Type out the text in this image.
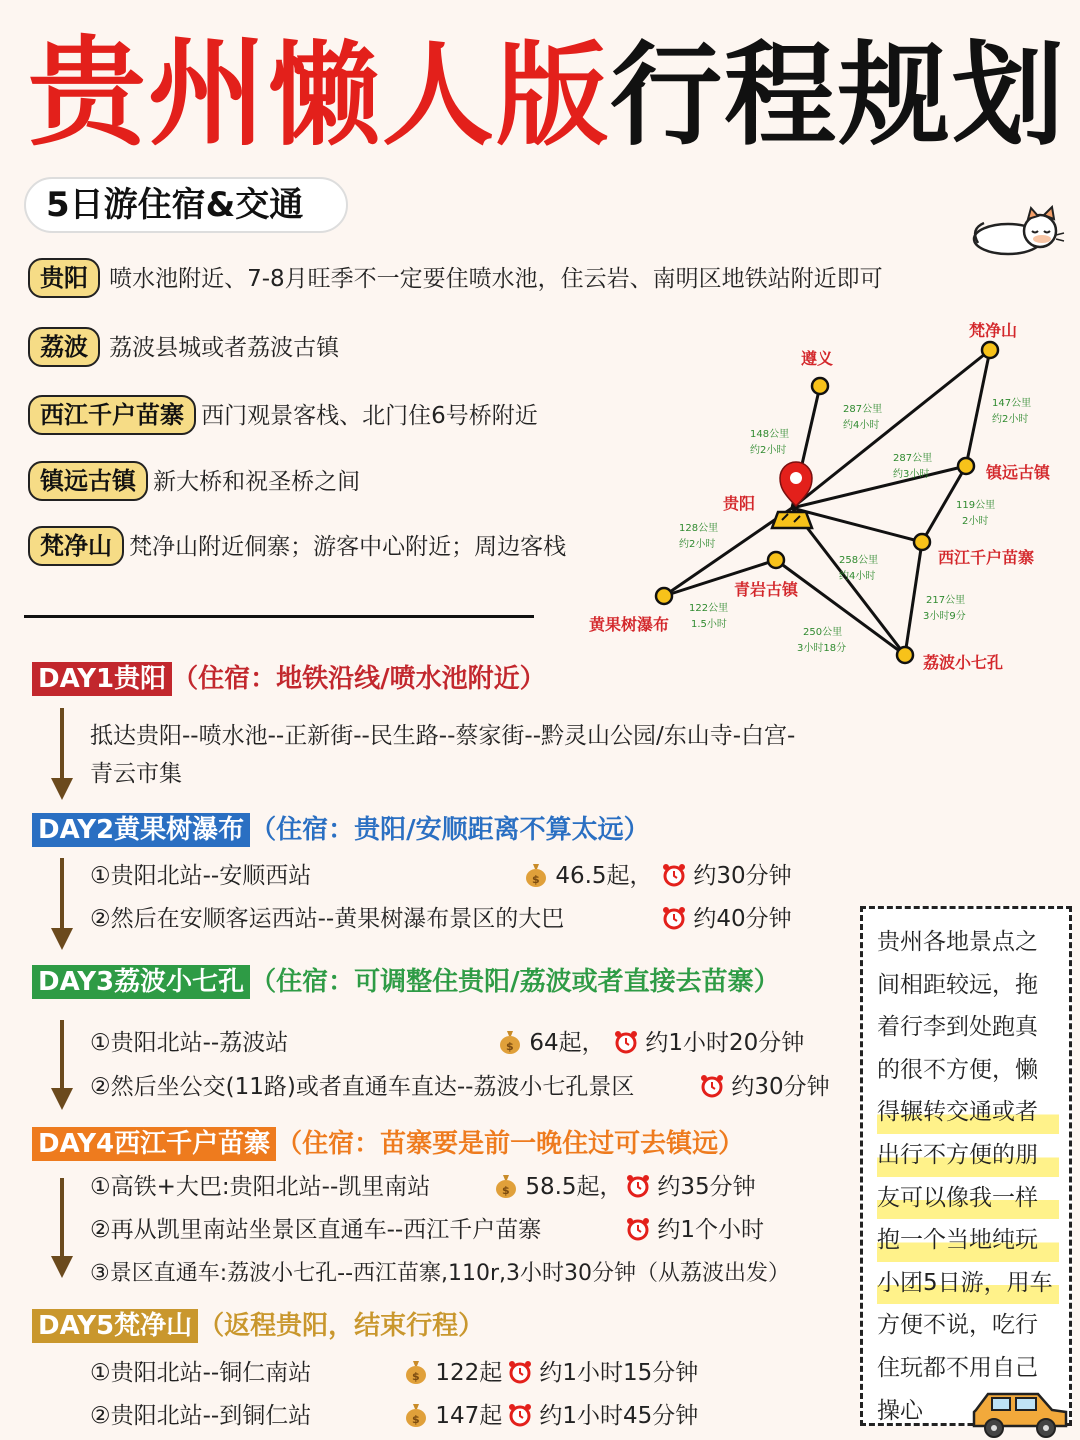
贵州懒人版行程规划
5日游住宿&交通
贵阳 喷水池附近、7-8月旺季不一定要住喷水池，住云岩、南明区地铁站附近即可
荔波 荔波县城或者荔波古镇
西江千户苗寨 西门观景客栈、北门住6号桥附近
镇远古镇 新大桥和祝圣桥之间
梵净山 梵净山附近侗寨；游客中心附近；周边客栈
遵义
梵净山
镇远古镇
贵阳
西江千户苗寨
青岩古镇
黄果树瀑布
荔波小七孔
148公里
约2小时
287公里
约4小时
147公里
约2小时
287公里
约3小时
119公里
2小时
128公里
约2小时
258公里
约4小时
217公里
3小时9分
122公里
1.5小时
250公里
3小时18分
DAY1贵阳 （住宿：地铁沿线/喷水池附近）
抵达贵阳--喷水池--正新街--民生路--蔡家街--黔灵山公园/东山寺-白宫-
青云市集
DAY2黄果树瀑布 （住宿：贵阳/安顺距离不算太远）
①贵阳北站--安顺西站	$ 46.5起，	约30分钟
②然后在安顺客运西站--黄果树瀑布景区的大巴	约40分钟
DAY3荔波小七孔 （住宿：可调整住贵阳/荔波或者直接去苗寨）
①贵阳北站--荔波站	$ 64起，	约1小时20分钟
②然后坐公交(11路)或者直通车直达--荔波小七孔景区	约30分钟
DAY4西江千户苗寨 （住宿：苗寨要是前一晚住过可去镇远）
①高铁+大巴:贵阳北站--凯里南站	$ 58.5起，	约35分钟
②再从凯里南站坐景区直通车--西江千户苗寨	约1个小时
③景区直通车:荔波小七孔--西江苗寨,110r,3小时30分钟（从荔波出发）
DAY5梵净山 （返程贵阳，结束行程）
①贵阳北站--铜仁南站	$ 122起	约1小时15分钟
②贵阳北站--到铜仁站	$ 147起	约1小时45分钟
贵州各地景点之
间相距较远，拖
着行李到处跑真
的很不方便，懒
得辗转交通或者
出行不方便的朋
友可以像我一样
抱一个当地纯玩
小团5日游，用车
方便不说，吃行
住玩都不用自己
操心
